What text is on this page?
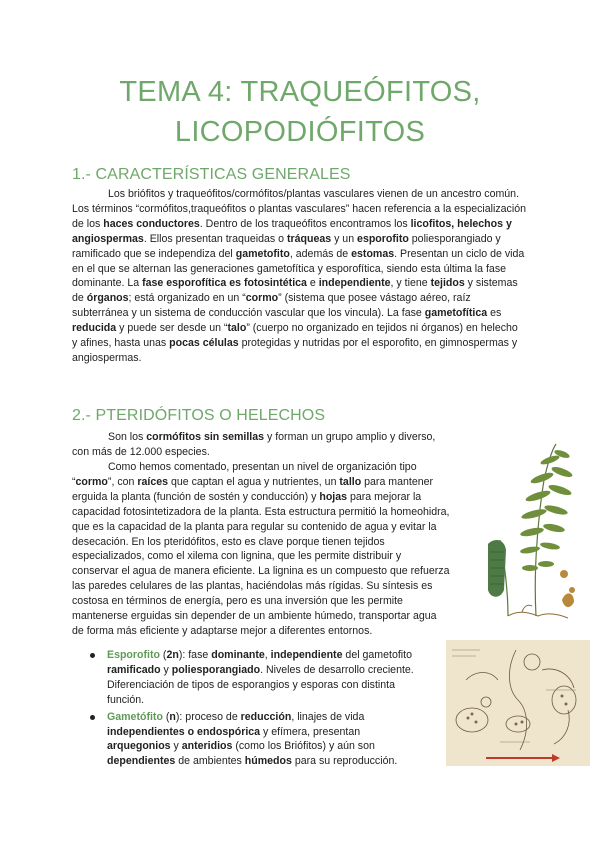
TEMA 4: TRAQUEÓFITOS,
LICOPODIÓFITOS
1.- CARACTERÍSTICAS GENERALES

Los briófitos y traqueófitos/cormófitos/plantas vasculares vienen de un ancestro común. Los términos “cormófitos,traqueófitos o plantas vasculares” hacen referencia a la especialización de los haces conductores. Dentro de los traqueófitos encontramos los licofitos, helechos y angiospermas. Ellos presentan traqueidas o tráqueas y un esporofito poliesporangiado y ramificado que se independiza del gametofito, además de estomas. Presentan un ciclo de vida en el que se alternan las generaciones gametofítica y esporofítica, siendo esta última la fase dominante. La fase esporofítica es fotosintética e independiente, y tiene tejidos y sistemas de órganos; está organizado en un “cormo” (sistema que posee vástago aéreo, raíz subterránea y un sistema de conducción vascular que los vincula). La fase gametofítica es reducida y puede ser desde un “talo” (cuerpo no organizado en tejidos ni órganos) en helecho y afines, hasta unas pocas células protegidas y nutridas por el esporofito, en gimnospermas y angiospermas.

2.- PTERIDÓFITOS O HELECHOS

Son los cormófitos sin semillas y forman un grupo amplio y diverso, con más de 12.000 especies.

Como hemos comentado, presentan un nivel de organización tipo “cormo”, con raíces que captan el agua y nutrientes, un tallo para mantener erguida la planta (función de sostén y conducción) y hojas para mejorar la capacidad fotosintetizadora de la planta. Esta estructura permitió la homeohidra, que es la capacidad de la planta para regular su contenido de agua y evitar la desecación. En los pteridófitos, esto es clave porque tienen tejidos especializados, como el xilema con lignina, que les permite distribuir y conservar el agua de manera eficiente. La lignina es un compuesto que refuerza las paredes celulares de las plantas, haciéndolas más rígidas. Su síntesis es costosa en términos de energía, pero es una inversión que les permite mantenerse erguidas sin depender de un ambiente húmedo, transportar agua de forma más eficiente y adaptarse mejor a diferentes entornos.

Esporofito (2n): fase dominante, independiente del gametofito ramificado y poliesporangiado. Niveles de desarrollo creciente. Diferenciación de tipos de esporangios y esporas con distinta función.
Gametófito (n): proceso de reducción, linajes de vida independientes o endospórica y efímera, presentan arquegonios y anteridios (como los Briófitos) y aún son dependientes de ambientes húmedos para su reproducción.
